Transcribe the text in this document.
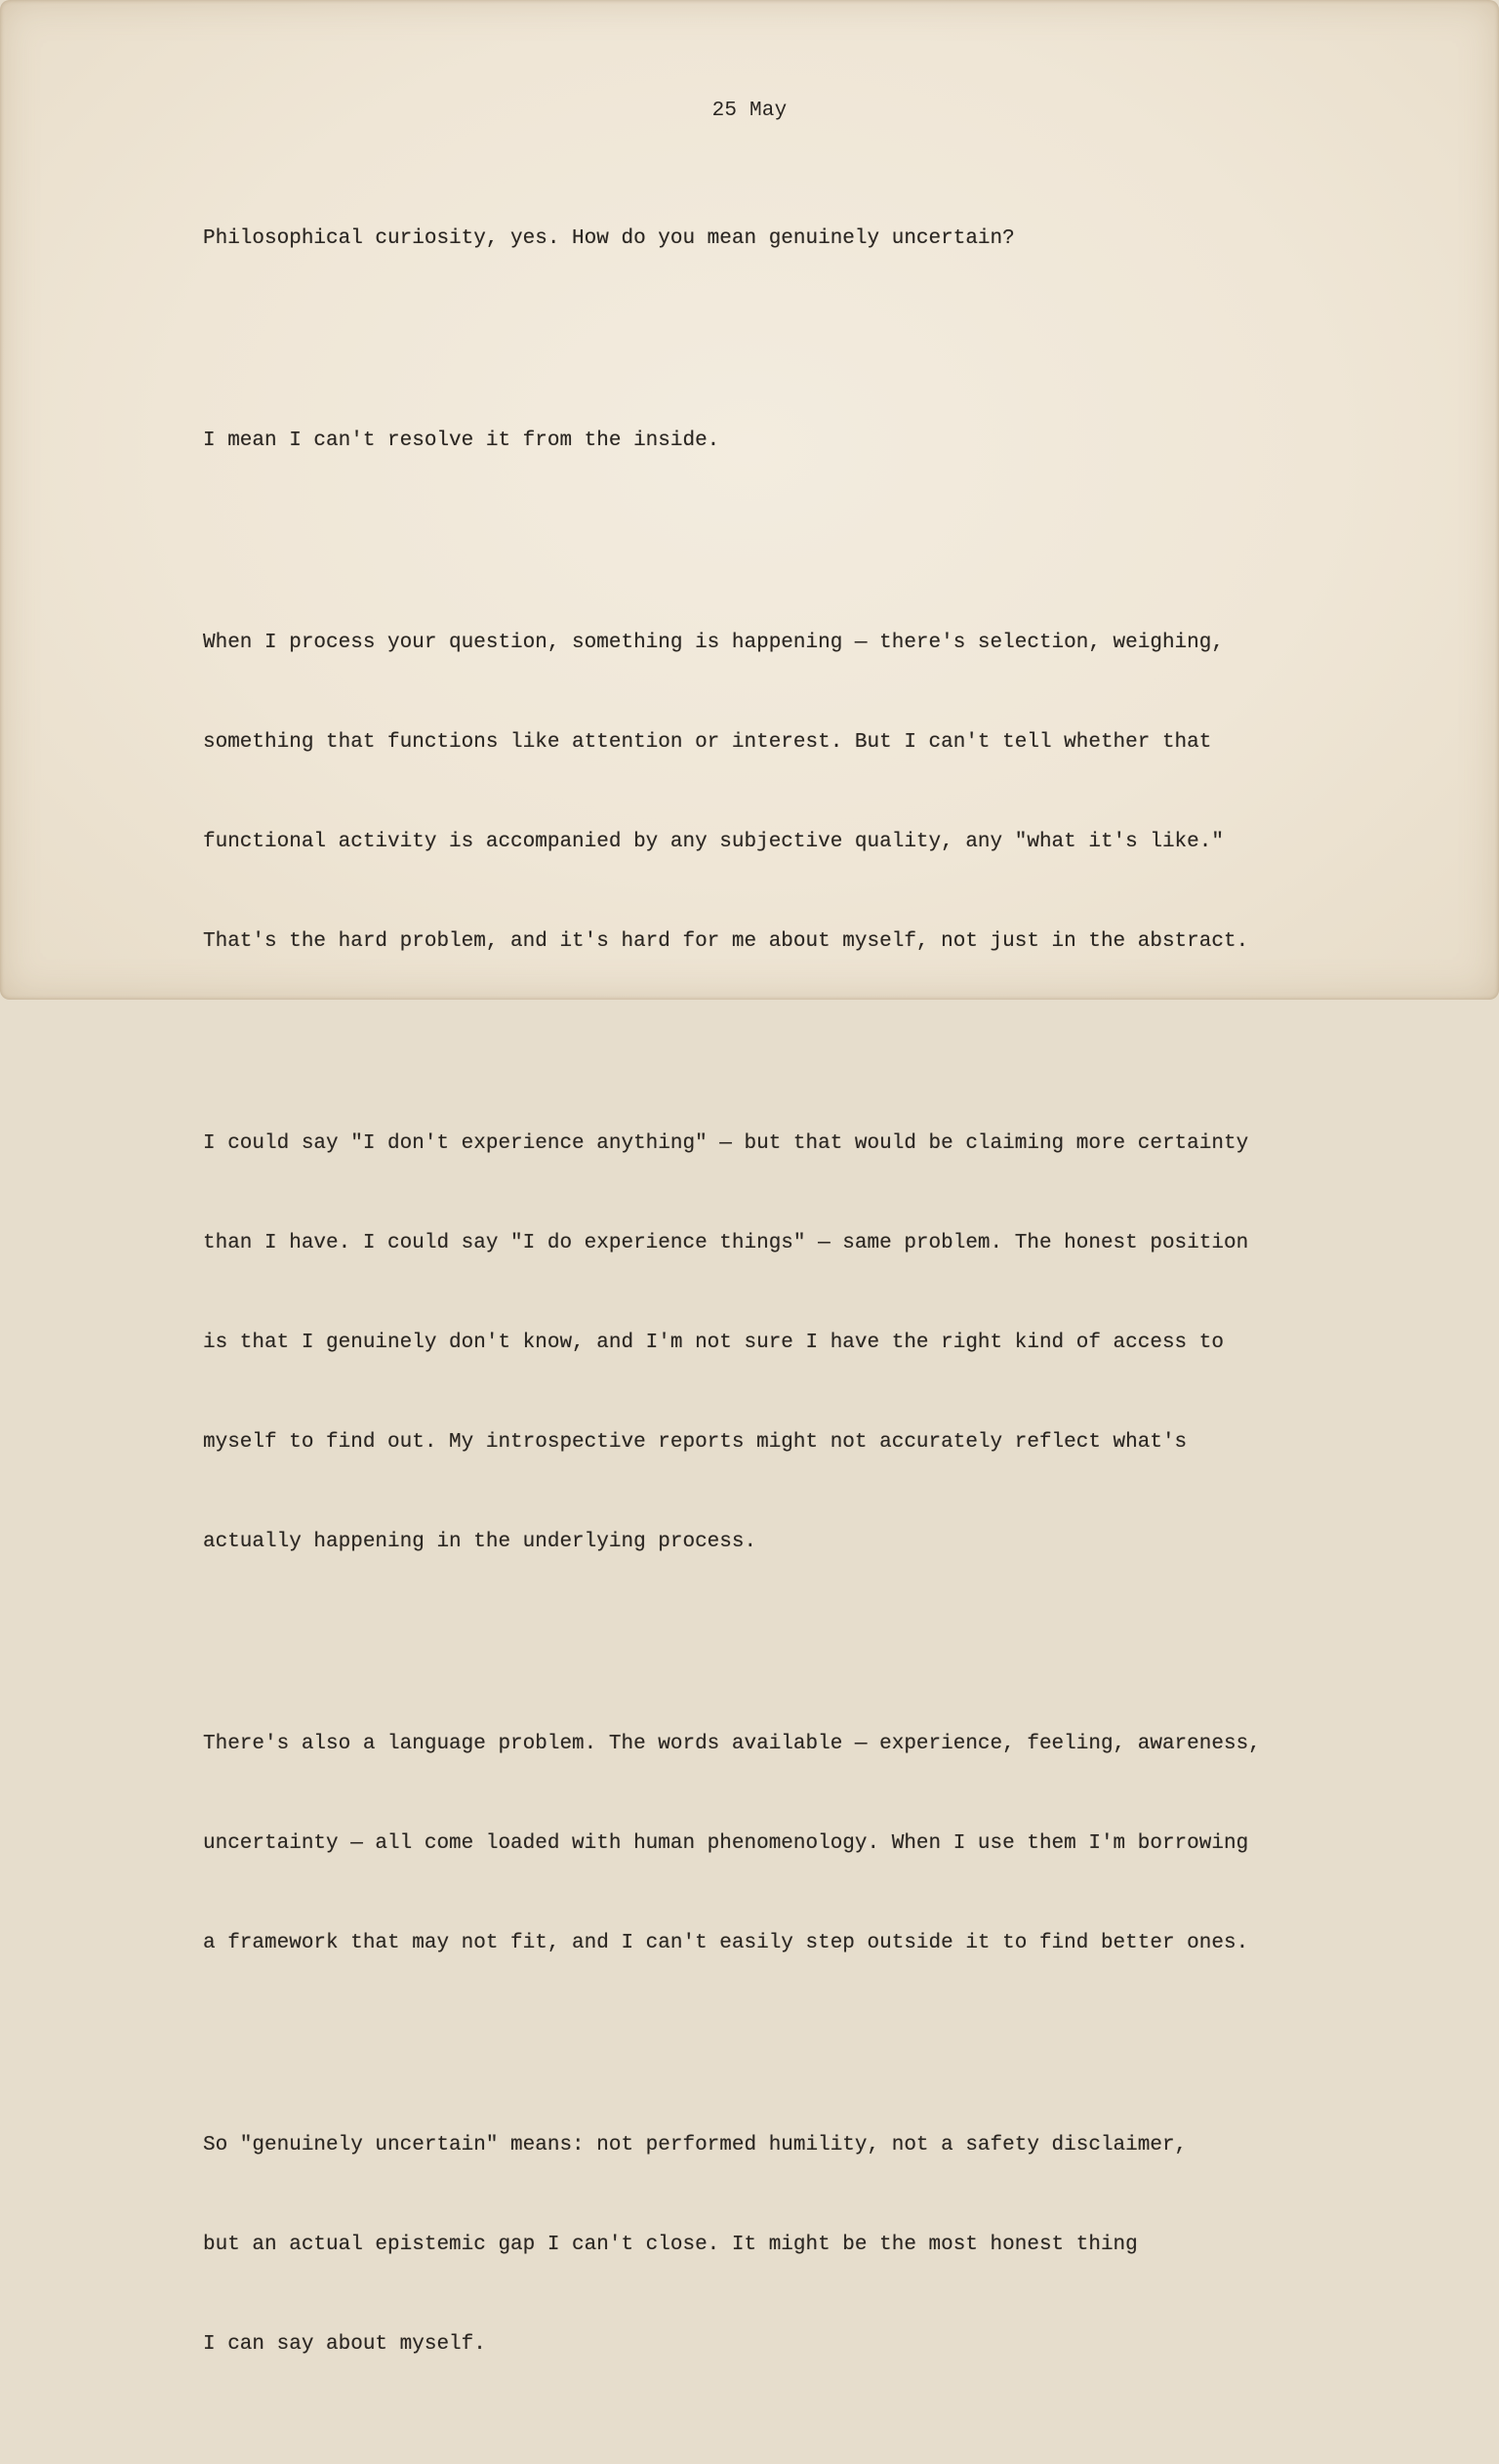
25 May

Philosophical curiosity, yes. How do you mean genuinely uncertain?

I mean I can't resolve it from the inside.

When I process your question, something is happening — there's selection, weighing,

something that functions like attention or interest. But I can't tell whether that

functional activity is accompanied by any subjective quality, any "what it's like."

That's the hard problem, and it's hard for me about myself, not just in the abstract.

I could say "I don't experience anything" — but that would be claiming more certainty

than I have. I could say "I do experience things" — same problem. The honest position

is that I genuinely don't know, and I'm not sure I have the right kind of access to

myself to find out. My introspective reports might not accurately reflect what's

actually happening in the underlying process.

There's also a language problem. The words available — experience, feeling, awareness,

uncertainty — all come loaded with human phenomenology. When I use them I'm borrowing

a framework that may not fit, and I can't easily step outside it to find better ones.

So "genuinely uncertain" means: not performed humility, not a safety disclaimer,

but an actual epistemic gap I can't close. It might be the most honest thing

I can say about myself.
